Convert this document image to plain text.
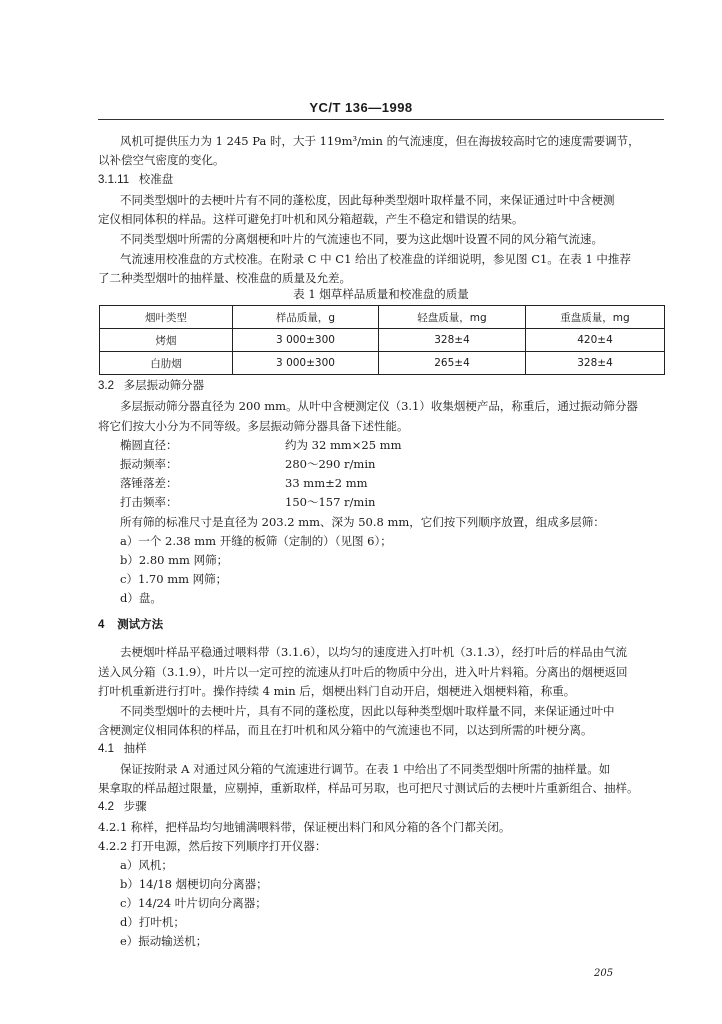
YC/T 136—1998
风机可提供压力为 1 245 Pa 时，大于 119m³/min 的气流速度，但在海拔较高时它的速度需要调节，
以补偿空气密度的变化。
3.1.11 校准盘
不同类型烟叶的去梗叶片有不同的蓬松度，因此每种类型烟叶取样量不同，来保证通过叶中含梗测
定仪相同体积的样品。这样可避免打叶机和风分箱超载，产生不稳定和错误的结果。
不同类型烟叶所需的分离烟梗和叶片的气流速也不同，要为这此烟叶设置不同的风分箱气流速。
气流速用校准盘的方式校准。在附录 C 中 C1 给出了校准盘的详细说明，参见图 C1。在表 1 中推荐
了二种类型烟叶的抽样量、校准盘的质量及允差。
表 1 烟草样品质量和校准盘的质量
烟叶类型	样品质量，g	轻盘质量，mg	重盘质量，mg
烤烟	3 000±300	328±4	420±4
白肋烟	3 000±300	265±4	328±4
3.2 多层振动筛分器
多层振动筛分器直径为 200 mm。从叶中含梗测定仪（3.1）收集烟梗产品，称重后，通过振动筛分器
将它们按大小分为不同等级。多层振动筛分器具备下述性能。
椭圆直径：	约为 32 mm×25 mm
振动频率：	280～290 r/min
落锤落差：	33 mm±2 mm
打击频率：	150～157 r/min
所有筛的标准尺寸是直径为 203.2 mm、深为 50.8 mm，它们按下列顺序放置，组成多层筛：
a）一个 2.38 mm 开缝的板筛（定制的）（见图 6）；
b）2.80 mm 网筛；
c）1.70 mm 网筛；
d）盘。
4 测试方法
去梗烟叶样品平稳通过喂料带（3.1.6），以均匀的速度进入打叶机（3.1.3），经打叶后的样品由气流
送入风分箱（3.1.9），叶片以一定可控的流速从打叶后的物质中分出，进入叶片料箱。分离出的烟梗返回
打叶机重新进行打叶。操作持续 4 min 后，烟梗出料门自动开启，烟梗进入烟梗料箱，称重。
不同类型烟叶的去梗叶片，具有不同的蓬松度，因此以每种类型烟叶取样量不同，来保证通过叶中
含梗测定仪相同体积的样品，而且在打叶机和风分箱中的气流速也不同，以达到所需的叶梗分离。
4.1 抽样
保证按附录 A 对通过风分箱的气流速进行调节。在表 1 中给出了不同类型烟叶所需的抽样量。如
果拿取的样品超过限量，应剔掉，重新取样，样品可另取，也可把尺寸测试后的去梗叶片重新组合、抽样。
4.2 步骤
4.2.1 称样，把样品均匀地铺满喂料带，保证梗出料门和风分箱的各个门都关闭。
4.2.2 打开电源，然后按下列顺序打开仪器：
a）风机；
b）14/18 烟梗切向分离器；
c）14/24 叶片切向分离器；
d）打叶机；
e）振动输送机；
205
